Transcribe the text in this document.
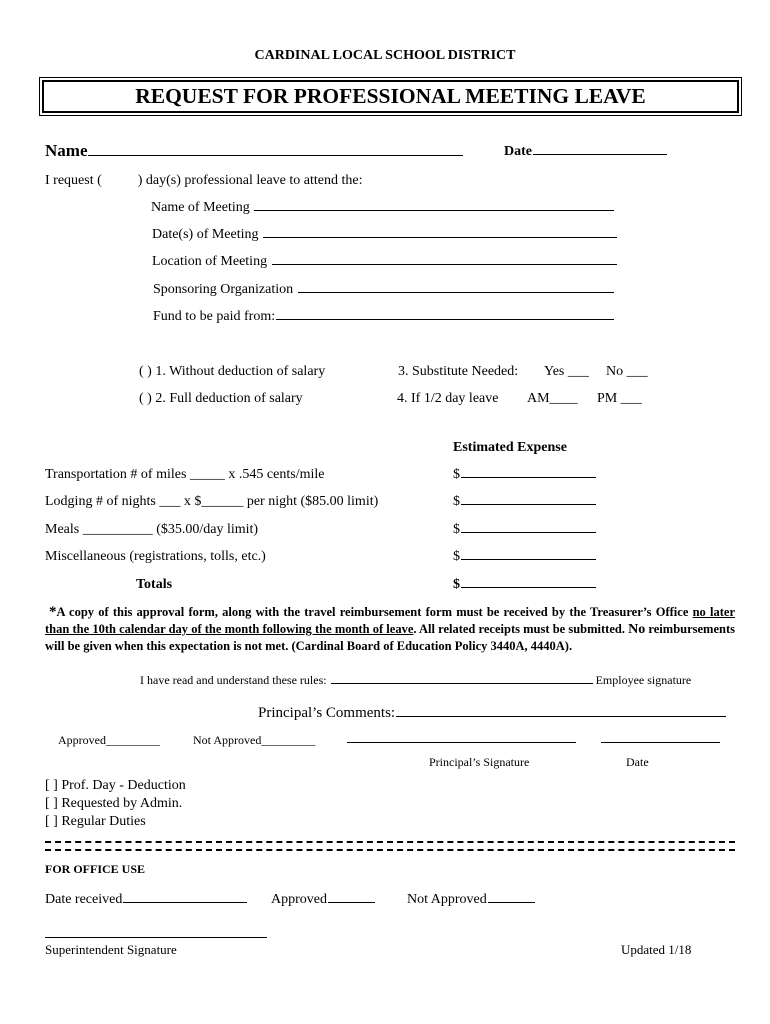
CARDINAL LOCAL SCHOOL DISTRICT
REQUEST FOR PROFESSIONAL MEETING LEAVE
Name	Date
I request (	) day(s) professional leave to attend the:
Name of Meeting
Date(s) of Meeting
Location of Meeting
Sponsoring Organization
Fund to be paid from:
( ) 1. Without deduction of salary
( ) 2. Full deduction of salary
3. Substitute Needed: Yes ___ No ___
4. If 1/2 day leave AM____ PM ___
Estimated Expense
Transportation # of miles _____ x .545 cents/mile	$
Lodging # of nights ___ x $______ per night ($85.00 limit)	$
Meals __________ ($35.00/day limit)	$
Miscellaneous (registrations, tolls, etc.)	$
Totals	$
*A copy of this approval form, along with the travel reimbursement form must be received by the Treasurer’s Office no later than the 10th calendar day of the month following the month of leave. All related receipts must be submitted. No reimbursements will be given when this expectation is not met. (Cardinal Board of Education Policy 3440A, 4440A).
I have read and understand these rules:	Employee signature
Principal’s Comments:
Approved_________	Not Approved_________
Principal’s Signature	Date
[ ] Prof. Day - Deduction
[ ] Requested by Admin.
[ ] Regular Duties
FOR OFFICE USE
Date received	Approved	Not Approved
Superintendent Signature	Updated 1/18
